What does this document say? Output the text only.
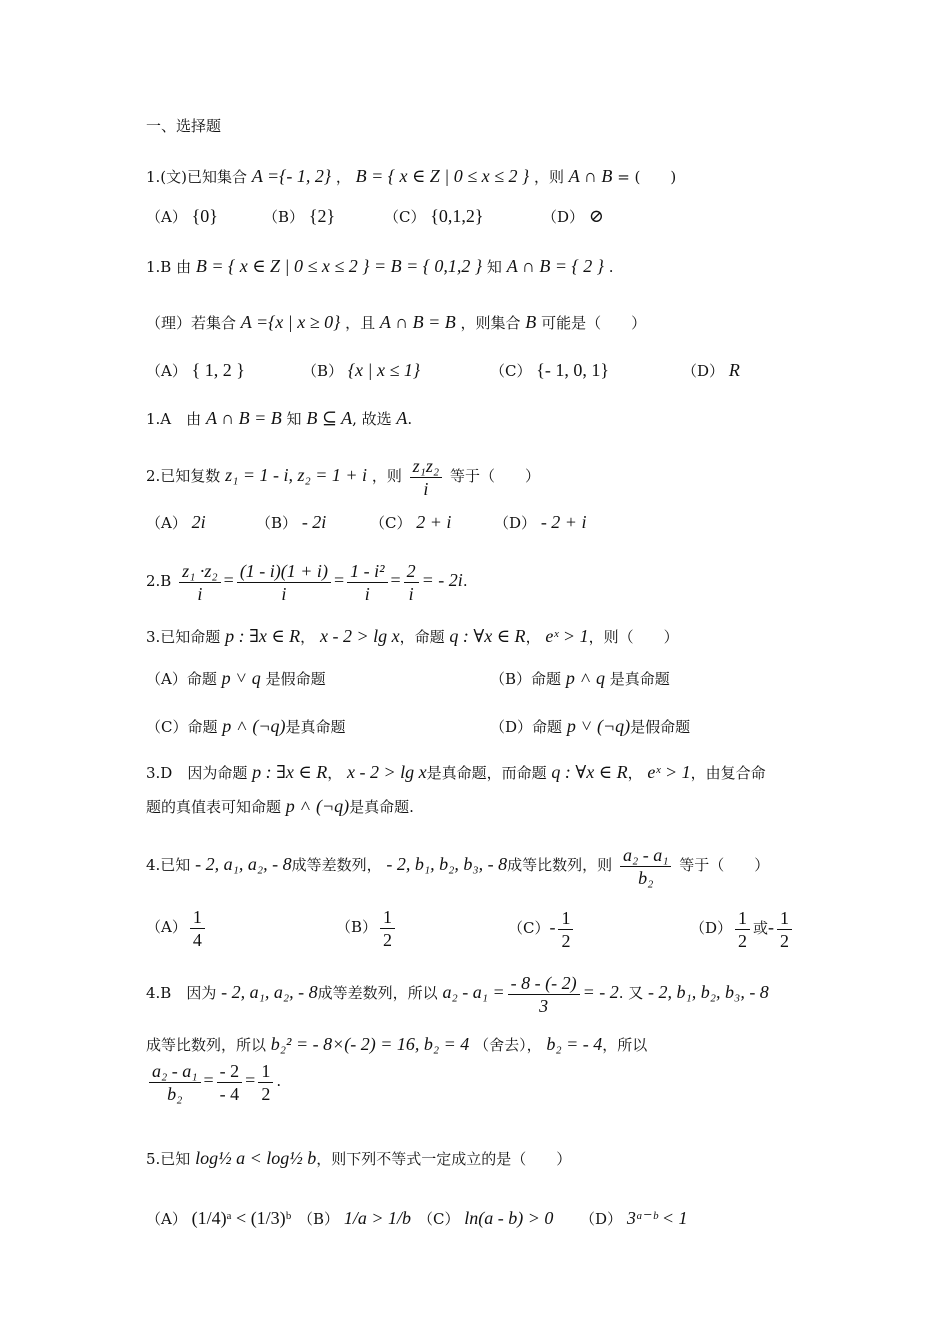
一、选择题
1.(文)已知集合 A ={- 1, 2} ， B = { x ∈ Z | 0 ≤ x ≤ 2 } ，则 A ∩ B = (　　)
（A） {0}	（B） {2}	（C） {0,1,2}	（D） ⊘
1.B 由 B = { x ∈ Z | 0 ≤ x ≤ 2 } = B = { 0,1,2 } 知 A ∩ B = { 2 } .
（理）若集合 A ={x | x ≥ 0} ，且 A ∩ B = B ，则集合 B 可能是（　　）
（A） { 1, 2 }	（B） {x | x ≤ 1}	（C） {- 1, 0, 1}	（D） R
1.A　由 A ∩ B = B 知 B ⊆ A, 故选 A.
2.已知复数 z₁ = 1 - i, z₂ = 1 + i ，则 $\frac{\text{z₁z₂}}{i}$ 等于（　　）
（A） 2i	（B） - 2i	（C） 2 + i	（D） - 2 + i
$2.B \frac{\text{z₁ ·z₂}}{i} = \frac{(1 - i)(1 + i)}{i} = \frac{\text{1 - i²}}{i} = \frac{2}{i}$ = - 2i.
3.已知命题 p : ∃x ∈ R， x - 2 > lg x，命题 q : ∀x ∈ R， eˣ > 1，则（　　）
（A）命题 p ˅ q 是假命题	（B）命题 p ˄ q 是真命题
（C）命题 p ˄ (¬q)是真命题	（D）命题 p ˅ (¬q)是假命题
3.D　因为命题 p : ∃x ∈ R， x - 2 > lg x是真命题，而命题 q : ∀x ∈ R， eˣ > 1，由复合命
题的真值表可知命题 p ˄ (¬q)是真命题.
4.已知 - 2, a₁, a₂, - 8成等差数列， - 2, b₁, b₂, b₃, - 8成等比数列，则 $\frac{\text{a₂ - a₁}}{\text{b₂}}$ 等于（　　）
$(A) \frac{1}{4}$	$(B) \frac{1}{2}$	$(C)- \frac{1}{2}$	$(D) \frac{1}{2}$ 或- $\frac{1}{2}$
4.B　因为 - 2, a₁, a₂, - 8成等差数列，所以 $a_2 - a_1 = \frac{- 8 - (- 2)}{3}$ = - 2. 又 - 2, b₁, b₂, b₃, - 8
成等比数列，所以 b₂² = - 8×(- 2) = 16, b₂ = 4 （舍去）， b₂ = - 4，所以
$\frac{\text{a₂ - a₁}}{\text{b₂}} = \frac{- 2}{- 4} = \frac{1}{2}$ .
5.已知 log½ a < log½ b，则下列不等式一定成立的是（　　）
（A） (1/4)ᵃ < (1/3)ᵇ （B） 1/a > 1/b （C） ln(a - b) > 0 （D） 3ᵃ⁻ᵇ < 1
